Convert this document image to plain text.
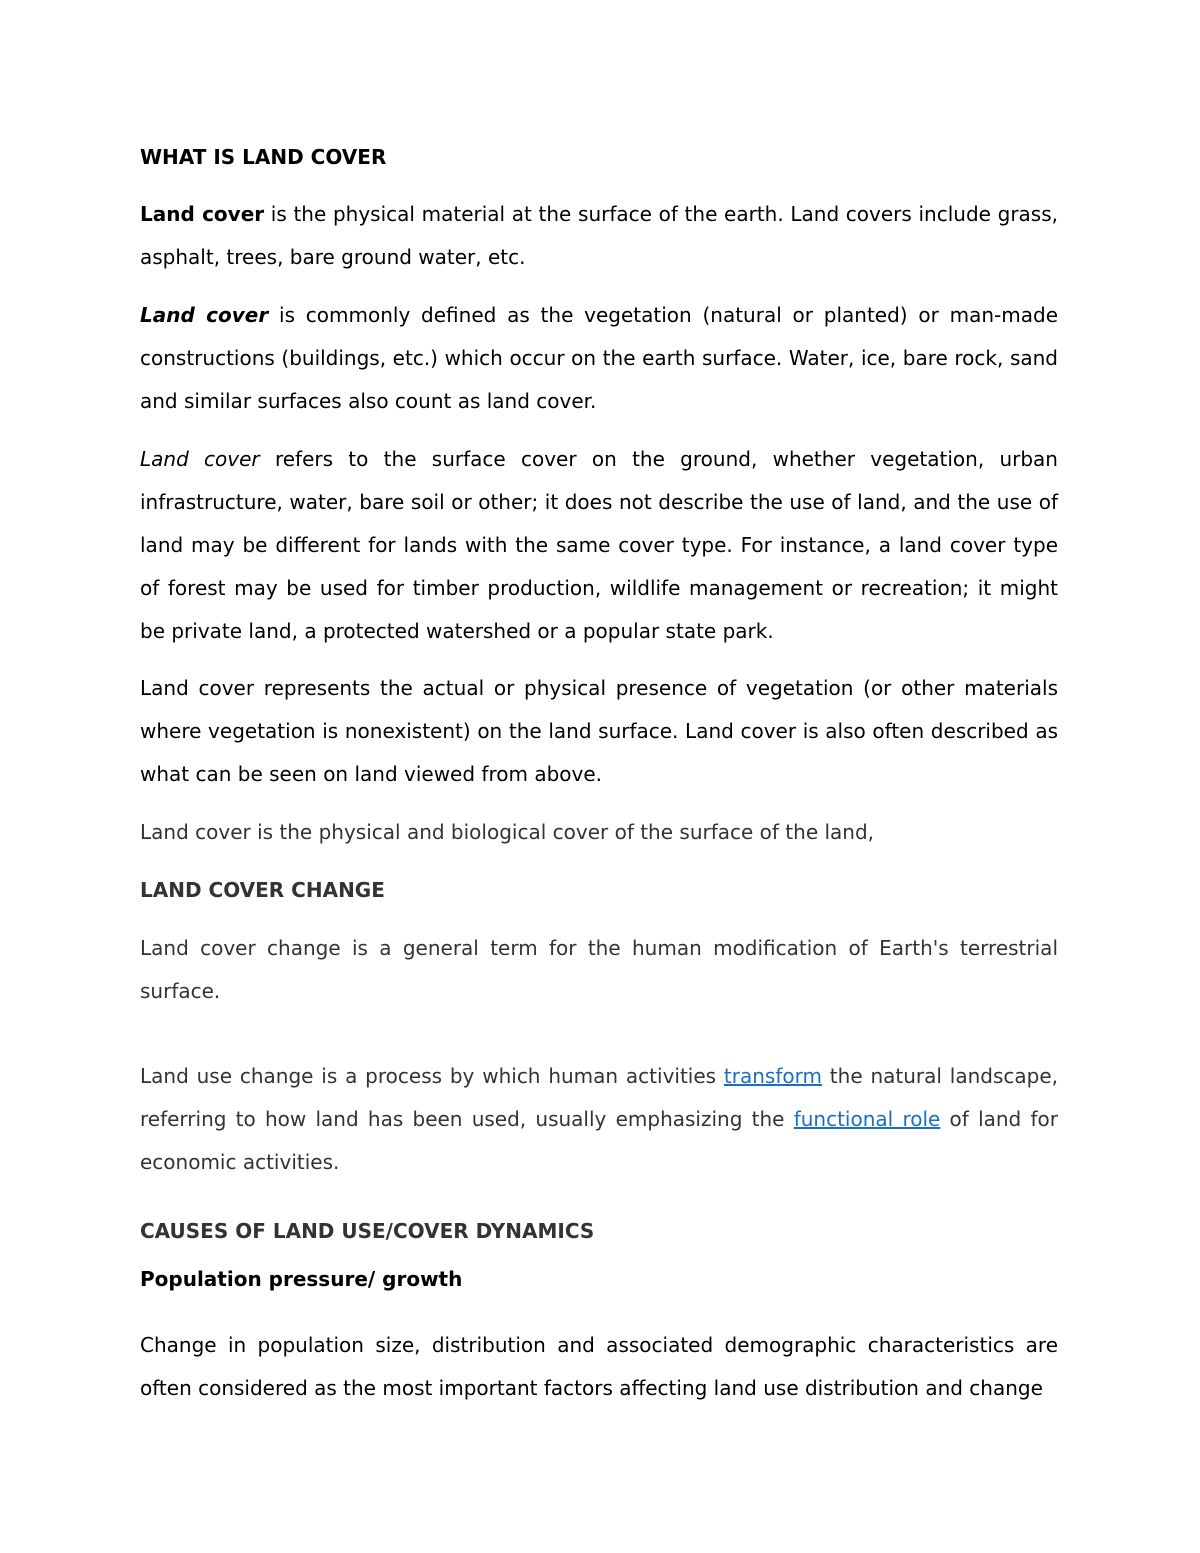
WHAT IS LAND COVER
Land cover is the physical material at the surface of the earth. Land covers include grass, asphalt, trees, bare ground water, etc.
Land cover is commonly defined as the vegetation (natural or planted) or man-made constructions (buildings, etc.) which occur on the earth surface. Water, ice, bare rock, sand and similar surfaces also count as land cover.
Land cover refers to the surface cover on the ground, whether vegetation, urban infrastructure, water, bare soil or other; it does not describe the use of land, and the use of land may be different for lands with the same cover type. For instance, a land cover type of forest may be used for timber production, wildlife management or recreation; it might be private land, a protected watershed or a popular state park.
Land cover represents the actual or physical presence of vegetation (or other materials where vegetation is nonexistent) on the land surface. Land cover is also often described as what can be seen on land viewed from above.
Land cover is the physical and biological cover of the surface of the land,
LAND COVER CHANGE
Land cover change is a general term for the human modification of Earth's terrestrial surface.
Land use change is a process by which human activities transform the natural landscape, referring to how land has been used, usually emphasizing the functional role of land for economic activities.
CAUSES OF LAND USE/COVER DYNAMICS
Population pressure/ growth
Change in population size, distribution and associated demographic characteristics are often considered as the most important factors affecting land use distribution and change
